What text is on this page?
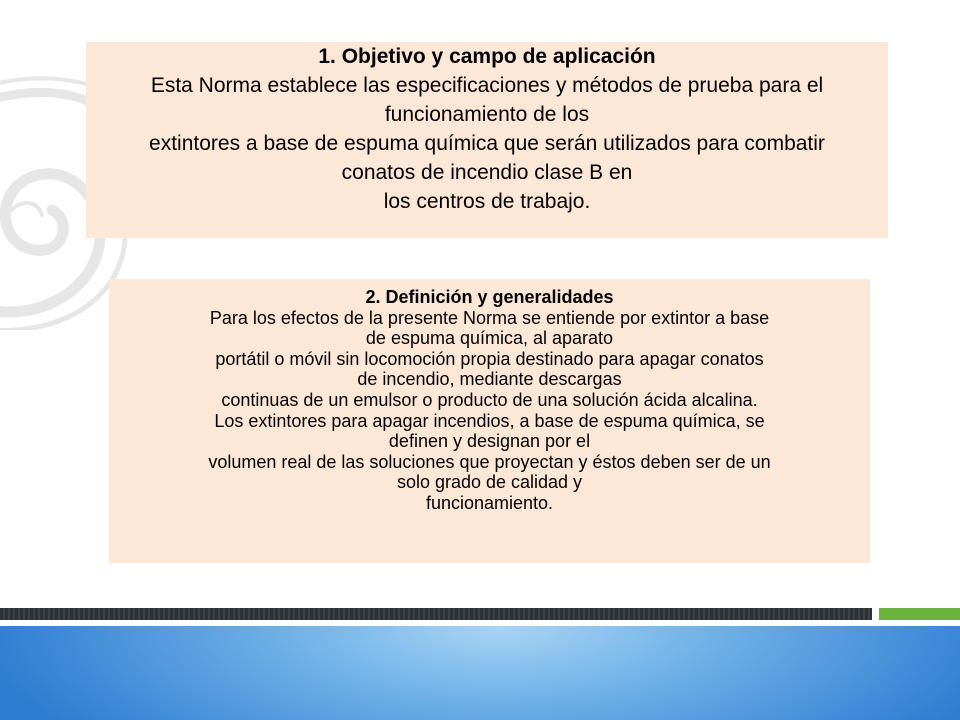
1. Objetivo y campo de aplicación
Esta Norma establece las especificaciones y métodos de prueba para el
funcionamiento de los
extintores a base de espuma química que serán utilizados para combatir
conatos de incendio clase B en
los centros de trabajo.
2. Definición y generalidades
Para los efectos de la presente Norma se entiende por extintor a base
de espuma química, al aparato
portátil o móvil sin locomoción propia destinado para apagar conatos
de incendio, mediante descargas
continuas de un emulsor o producto de una solución ácida alcalina.
Los extintores para apagar incendios, a base de espuma química, se
definen y designan por el
volumen real de las soluciones que proyectan y éstos deben ser de un
solo grado de calidad y
funcionamiento.
